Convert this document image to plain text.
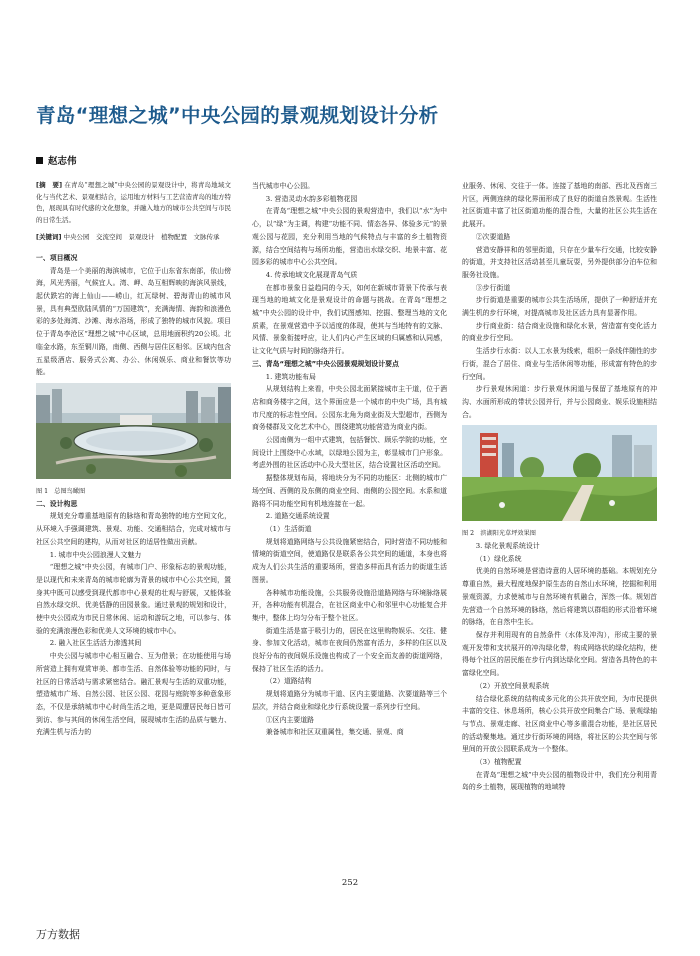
青岛“理想之城”中央公园的景观规划设计分析
赵志伟

[摘　要] 在青岛“理想之城”中央公园的景观设计中，将青岛地域文化与当代艺术、景观相结合，运用地方材料与工艺营造青岛的地方特色，展现具有时代感的文化想象，并融入地方的城市公共空间与市民的日常生活。

[关键词] 中央公园　交流空间　景观设计　植物配置　文脉传承

一、项目概况

青岛是一个美丽的海滨城市，它位于山东省东南部，依山傍海，风光秀丽，气候宜人。湾、岬、岛互相辉映的海滨风景线，起伏跌宕的海上仙山——崂山，红瓦绿树、碧海青山的城市风景，具有典型欧陆风情的“万国建筑”，充满海情、海韵和浪漫色彩的多处海湾、沙滩、海水浴场，形成了独特的城市风貌。项目位于青岛李沧区“理想之城”中心区域，总用地面积约20公顷。北临金水路，东至铜川路，南侧、西侧与居住区相邻。区域内包含五星级酒店、服务式公寓、办公、休闲娱乐、商业和餐饮等功能。

图 1　总图鸟瞰图

二、设计构思

规划充分尊重基地原有的脉络和青岛独特的地方空间文化，从环境入手强调建筑、景观、功能、交通相结合，完成对城市与社区公共空间的建构，从而对社区的适居性做出贡献。

1. 城市中央公园浪漫人文魅力

“理想之城”中央公园，有城市门户、形象标志的景观功能，是以现代和未来青岛的城市轮廓为背景的城市中心公共空间，置身其中既可以感受到现代都市中心景观的壮观与舒展，又能体验自然水绿交织、优美恬静的田园景象。通过景观的规划和设计，使中央公园成为市民日常休闲、运动和游玩之地，可以参与、体验的充满浪漫色彩和优美人文环境的城市中心。

2. 融入社区生活活力渗透其间

中央公园与城市中心相互融合、互为借景；在功能使用与场所营造上拥有观赏审美、都市生活、自然体验等功能的同时，与社区的日常活动与需求紧密结合。融汇景观与生活的双重功能，塑造城市广场、自然公园、社区公园、花园与庭院等多种意象形态，不仅是承纳城市中心时尚生活之地，更是周遭居民每日皆可到访、参与其间的休闲生活空间，展现城市生活的品质与魅力、充满生机与活力的

当代城市中心公园。

3. 营造灵动水韵多彩植物花园

在青岛“理想之城”中央公园的景观营造中，我们以“水”为中心，以“绿”为主调，构建“功能不同、情态各异、体验多元”的景观公园与花园，充分利用当地的气候特点与丰富的乡土植物资源，结合空间结构与场所功能，营造出水绿交织、地景丰富、花园多彩的城市中心公共空间。

4. 传承地域文化展现青岛气质

在都市景象日益趋同的今天，如何在新城市背景下传承与表现当地的地域文化是景观设计的命题与挑战。在青岛“理想之城”中央公园的设计中，我们试图感知、挖掘、整理当地的文化质素，在景观营造中予以适度的体现，使其与当地特有的文脉、风情、景象衔接呼应，让人们内心产生区域的归属感和认同感，让文化气质与时间的脉络并行。

三、青岛“理想之城”中央公园景观规划设计要点

1. 建筑功能布局

从规划结构上来看，中央公园北面紧接城市主干道，位于酒店和商务楼宇之间，这个界面应是一个城市的中央广场，具有城市尺度的标志性空间。公园东北角为商业街及大型超市，西侧为商务楼群及文化艺术中心，围绕建筑功能营造为商业内街。

公园南侧为一组中式建筑，包括餐饮、顾乐学院的功能，空间设计上围绕中心水域，以绿地公园为主，彰显城市门户形象。考虑外围的社区活动中心及大型社区，结合设置社区活动空间。

据整体规划布局，将地块分为不同的功能区：北侧的城市广场空间、西侧的及东侧的商业空间、南侧的公园空间。水系和道路将不同功能空间有机地连接在一起。

2. 道路交通系统设置

（1）生活街道

规划将道路网络与公共设施紧密结合，同时营造不同功能和情境的街道空间，使道路仅是联系各公共空间的通道，本身也将成为人们公共生活的重要场所，营造多样而具有活力的街道生活图景。

各种城市功能设施，公共服务设施沿道路网络与环境脉络展开，各种功能有机混合，在社区商业中心和邻里中心功能复合并集中，整体上均匀分布于整个社区。

街道生活是富于吸引力的，居民在这里购物娱乐、交往、健身、参加文化活动，城市在夜间仍然富有活力，多样的住区以及良好分布的夜间娱乐设施也构成了一个安全而友善的街道网络，保持了社区生活的活力。

（2）道路结构

规划将道路分为城市干道、区内主要道路、次要道路等三个层次，并结合商业和绿化步行系统设置一系列步行空间。

①区内主要道路

兼备城市和社区双重属性，集交通、景观、商

业服务、休闲、交往于一体。连接了基地的南部、西北及西南三片区，两侧连续的绿化界面形成了良好的街道自然景观。生活性社区街道丰富了社区街道功能的混合性，大量的社区公共生活在此展开。

②次要道路

营造安静祥和的邻里街道，只存在少量车行交通，比较安静的街道，并支持社区活动甚至儿童玩耍，另外提供部分泊车位和服务社设施。

③步行街道

步行街道是重要的城市公共生活场所，提供了一种舒适并充满生机的步行环境，对提高城市及社区活力具有显著作用。

步行商业街：结合商业设施和绿化水景，营造富有变化活力的商业步行空间。

生活步行水街：以人工水景为线索，组织一条线伴随性的步行街，混合了居住、商业与生活休闲等功能，形成富有特色的步行空间。

步行景观休闲道：步行景观休闲道与保留了基地原有的冲沟、水面所形成的带状公园并行，并与公园商业、娱乐设施相结合。

图 2　滨湖阳光草坪效果图

3. 绿化景观系统设计

（1）绿化系统

优美的自然环境是营造诗意的人居环境的基础。本规划充分尊重自然，最大程度地保护原生态的自然山水环境，挖掘和利用景观资源，力求使城市与自然环境有机融合，浑然一体。规划首先营造一个自然环境的脉络，然后将建筑以群组的形式沿着环境的脉络，在自然中生长。

保存并利用现有的自然条件（水体及冲沟），形成主要的景观开发带和支状展开的冲沟绿化带，构成网络状的绿化结构，使得每个社区的居民能在步行内到达绿化空间。营造各具特色的丰富绿化空间。

（2）开放空间景观系统

结合绿化系统的结构成多元化的公共开放空间，为市民提供丰富的交往、休息场所，核心公共开放空间集合广场、景观绿轴与节点、景观走廊、社区商业中心等多重混合功能，是社区居民的活动聚集地。通过步行街环境的网络，将社区的公共空间与邻里间的开放公园联系成为一个整体。

（3）植物配置

在青岛“理想之城”中央公园的植物设计中，我们充分利用青岛的乡土植物，展现植物的地域特

252
万方数据
